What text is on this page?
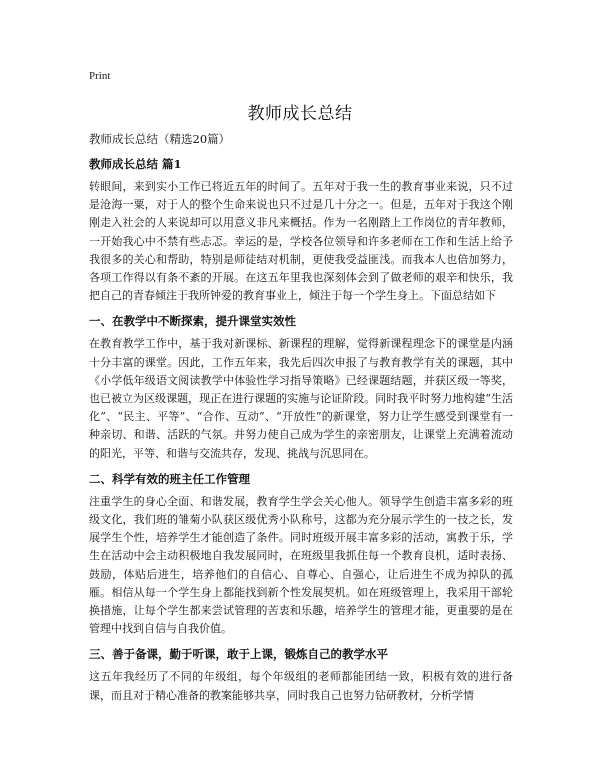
Print
教师成长总结
教师成长总结（精选20篇）
教师成长总结 篇1

转眼间，来到实小工作已将近五年的时间了。五年对于我一生的教育事业来说，只不过是沧海一粟，对于人的整个生命来说也只不过是几十分之一。但是，五年对于我这个刚刚走入社会的人来说却可以用意义非凡来概括。作为一名刚踏上工作岗位的青年教师，一开始我心中不禁有些忐忑。幸运的是，学校各位领导和许多老师在工作和生活上给予我很多的关心和帮助，特别是师徒结对机制，更使我受益匪浅。而我本人也倍加努力，各项工作得以有条不紊的开展。在这五年里我也深刻体会到了做老师的艰辛和快乐，我把自己的青春倾注于我所钟爱的教育事业上，倾注于每一个学生身上。下面总结如下

一、在教学中不断探索，提升课堂实效性

在教育教学工作中，基于我对新课标、新课程的理解，觉得新课程理念下的课堂是内涵十分丰富的课堂。因此，工作五年来，我先后四次申报了与教育教学有关的课题，其中《小学低年级语文阅读教学中体验性学习指导策略》已经课题结题，并获区级一等奖，也已被立为区级课题，现正在进行课题的实施与论证阶段。同时我平时努力地构建“生活化”、“民主、平等”、“合作、互动”、“开放性”的新课堂，努力让学生感受到课堂有一种亲切、和谐、活跃的气氛。并努力使自己成为学生的亲密朋友，让课堂上充满着流动的阳光，平等、和谐与交流共存，发现、挑战与沉思同在。

二、科学有效的班主任工作管理

注重学生的身心全面、和谐发展，教育学生学会关心他人。领导学生创造丰富多彩的班级文化，我们班的雏菊小队获区级优秀小队称号，这都为充分展示学生的一技之长，发展学生个性，培养学生才能创造了条件。同时班级开展丰富多彩的活动，寓教于乐，学生在活动中会主动积极地自我发展同时，在班级里我抓住每一个教育良机，适时表扬、鼓励，体贴后进生，培养他们的自信心、自尊心、自强心，让后进生不成为掉队的孤雁。相信从每一个学生身上都能找到新个性发展契机。如在班级管理上，我采用干部轮换措施，让每个学生都来尝试管理的苦衷和乐趣，培养学生的管理才能，更重要的是在管理中找到自信与自我价值。

三、善于备课，勤于听课，敢于上课，锻炼自己的教学水平

这五年我经历了不同的年级组，每个年级组的老师都能团结一致，积极有效的进行备课，而且对于精心准备的教案能够共享，同时我自己也努力钻研教材，分析学情
